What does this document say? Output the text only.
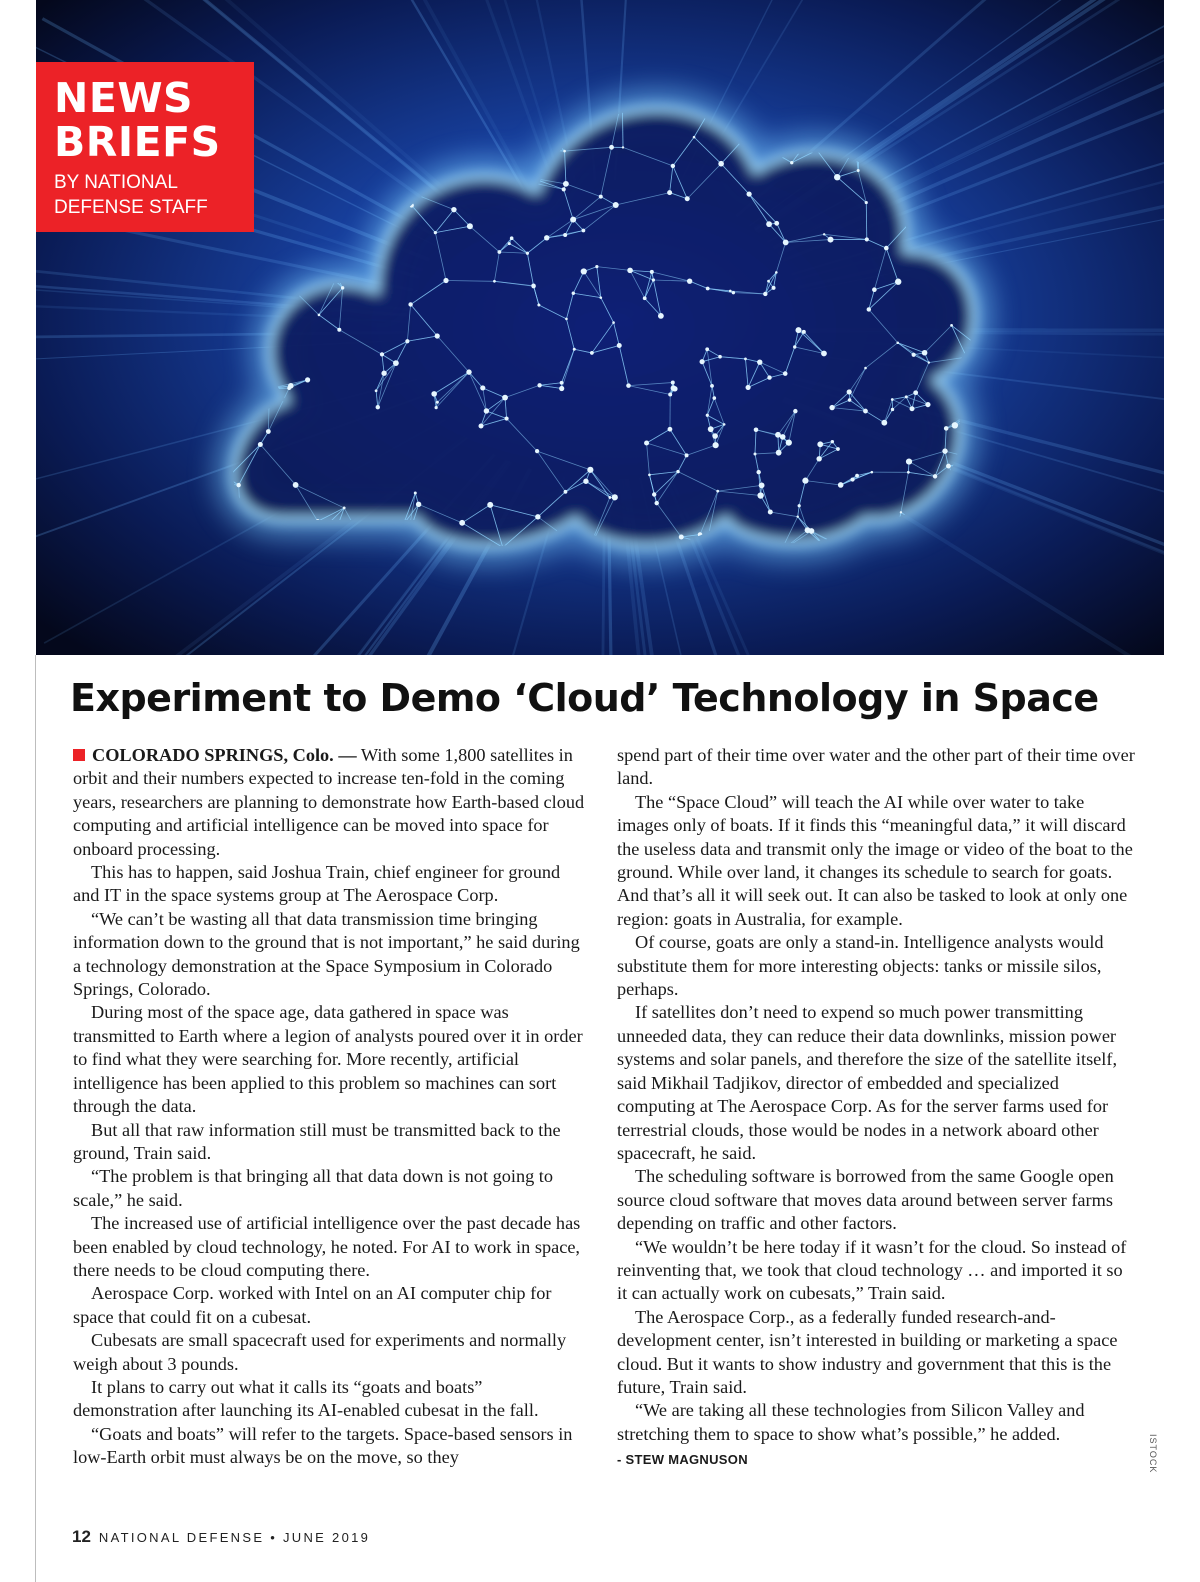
NEWS
BRIEFS
BY NATIONAL
DEFENSE STAFF
Experiment to Demo ‘Cloud’ Technology in Space

COLORADO SPRINGS, Colo. — With some 1,800 satellites in orbit and their numbers expected to increase ten-fold in the coming years, researchers are planning to demonstrate how Earth-based cloud computing and artificial intelligence can be moved into space for onboard processing.

This has to happen, said Joshua Train, chief engineer for ground and IT in the space systems group at The Aerospace Corp.

“We can’t be wasting all that data transmission time bringing information down to the ground that is not important,” he said during a technology demonstration at the Space Symposium in Colorado Springs, Colorado.

During most of the space age, data gathered in space was transmitted to Earth where a legion of analysts poured over it in order to find what they were searching for. More recently, artificial intelligence has been applied to this problem so machines can sort through the data.

But all that raw information still must be transmitted back to the ground, Train said.

“The problem is that bringing all that data down is not going to scale,” he said.

The increased use of artificial intelligence over the past decade has been enabled by cloud technology, he noted. For AI to work in space, there needs to be cloud computing there.

Aerospace Corp. worked with Intel on an AI computer chip for space that could fit on a cubesat.

Cubesats are small spacecraft used for experiments and normally weigh about 3 pounds.

It plans to carry out what it calls its “goats and boats” demonstration after launching its AI-enabled cubesat in the fall.

“Goats and boats” will refer to the targets. Space-based sensors in low-Earth orbit must always be on the move, so they

spend part of their time over water and the other part of their time over land.

The “Space Cloud” will teach the AI while over water to take images only of boats. If it finds this “meaningful data,” it will discard the useless data and transmit only the image or video of the boat to the ground. While over land, it changes its schedule to search for goats. And that’s all it will seek out. It can also be tasked to look at only one region: goats in Australia, for example.

Of course, goats are only a stand-in. Intelligence analysts would substitute them for more interesting objects: tanks or missile silos, perhaps.

If satellites don’t need to expend so much power transmitting unneeded data, they can reduce their data downlinks, mission power systems and solar panels, and therefore the size of the satellite itself, said Mikhail Tadjikov, director of embedded and specialized computing at The Aerospace Corp. As for the server farms used for terrestrial clouds, those would be nodes in a network aboard other spacecraft, he said.

The scheduling software is borrowed from the same Google open source cloud software that moves data around between server farms depending on traffic and other factors.

“We wouldn’t be here today if it wasn’t for the cloud. So instead of reinventing that, we took that cloud technology … and imported it so it can actually work on cubesats,” Train said.

The Aerospace Corp., as a federally funded research-and-development center, isn’t interested in building or marketing a space cloud. But it wants to show industry and government that this is the future, Train said.

“We are taking all these technologies from Silicon Valley and stretching them to space to show what’s possible,” he added.

- STEW MAGNUSON	ISTOCK
12 NATIONAL DEFENSE • JUNE 2019
